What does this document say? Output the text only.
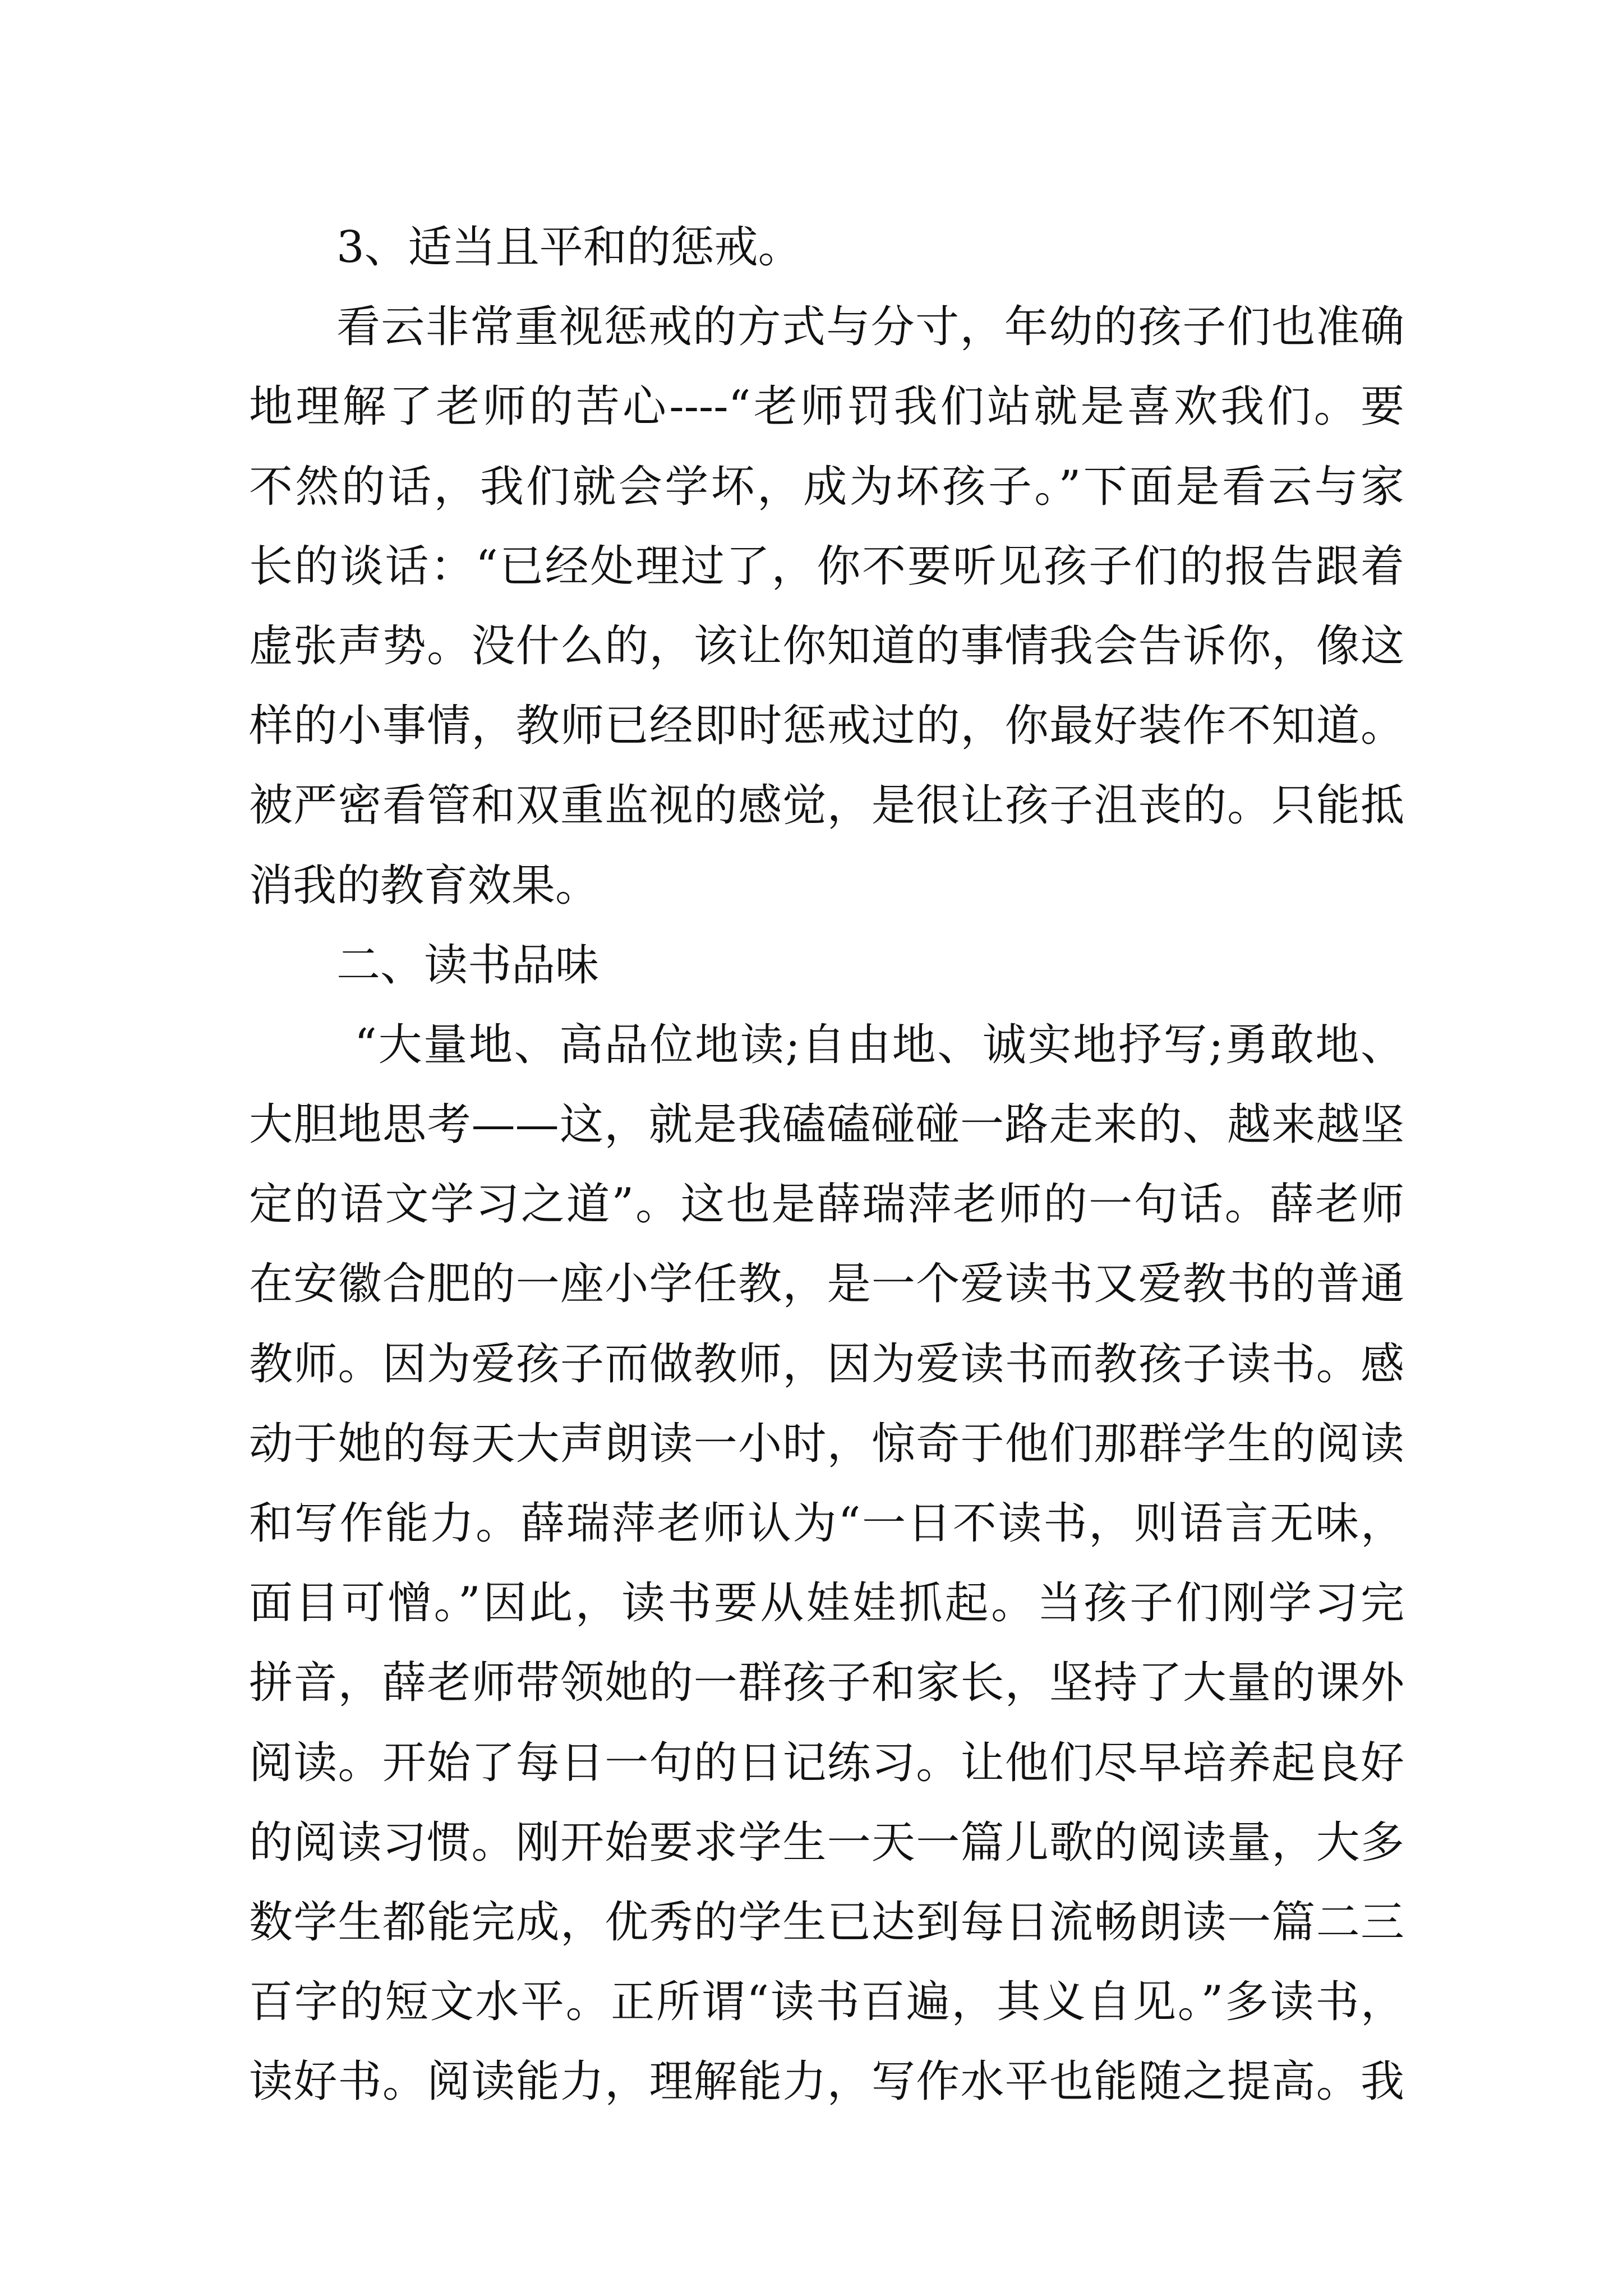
3、适当且平和的惩戒。
看云非常重视惩戒的方式与分寸，年幼的孩子们也准确
地理解了老师的苦心----“老师罚我们站就是喜欢我们。要
不然的话，我们就会学坏，成为坏孩子。”下面是看云与家
长的谈话：“已经处理过了，你不要听见孩子们的报告跟着
虚张声势。没什么的，该让你知道的事情我会告诉你，像这
样的小事情，教师已经即时惩戒过的，你最好装作不知道。
被严密看管和双重监视的感觉，是很让孩子沮丧的。只能抵
消我的教育效果。
二、读书品味
“大量地、高品位地读;自由地、诚实地抒写;勇敢地、
大胆地思考——这，就是我磕磕碰碰一路走来的、越来越坚
定的语文学习之道”。这也是薛瑞萍老师的一句话。薛老师
在安徽合肥的一座小学任教，是一个爱读书又爱教书的普通
教师。因为爱孩子而做教师，因为爱读书而教孩子读书。感
动于她的每天大声朗读一小时，惊奇于他们那群学生的阅读
和写作能力。薛瑞萍老师认为“一日不读书，则语言无味，
面目可憎。”因此，读书要从娃娃抓起。当孩子们刚学习完
拼音，薛老师带领她的一群孩子和家长，坚持了大量的课外
阅读。开始了每日一句的日记练习。让他们尽早培养起良好
的阅读习惯。刚开始要求学生一天一篇儿歌的阅读量，大多
数学生都能完成，优秀的学生已达到每日流畅朗读一篇二三
百字的短文水平。正所谓“读书百遍，其义自见。”多读书，
读好书。阅读能力，理解能力，写作水平也能随之提高。我
